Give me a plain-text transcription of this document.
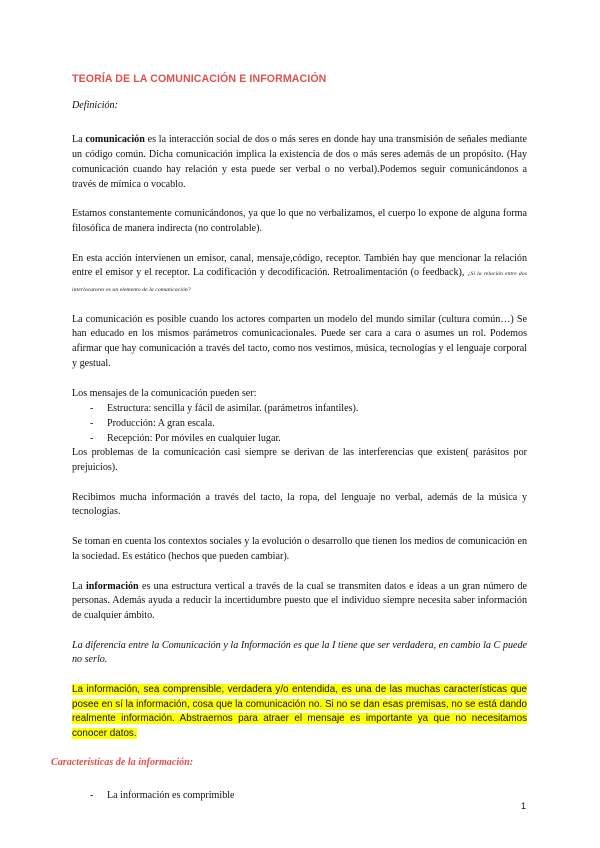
TEORÍA DE LA COMUNICACIÓN E INFORMACIÓN
Definición:

La comunicación es la interacción social de dos o más seres en donde hay una transmisión de señales mediante un código común. Dicha comunicación implica la existencia de dos o más seres además de un propósito. (Hay comunicación cuando hay relación y esta puede ser verbal o no verbal).Podemos seguir comunicándonos a través de mímica o vocablo.

Estamos constantemente comunicándonos, ya que lo que no verbalizamos, el cuerpo lo expone de alguna forma filosófica de manera indirecta (no controlable).

En esta acción intervienen un emisor, canal, mensaje,código, receptor. También hay que mencionar la relación entre el emisor y el receptor. La codificación y decodificación. Retroalimentación (o feedback), ¿Si la relación entre dos interlocutores es un elemento de la comunicación?

La comunicación es posible cuando los actores comparten un modelo del mundo similar (cultura común…) Se han educado en los mismos parámetros comunicacionales. Puede ser cara a cara o asumes un rol. Podemos afirmar que hay comunicación a través del tacto, como nos vestimos, música, tecnologías y el lenguaje corporal y gestual.

Los mensajes de la comunicación pueden ser:

- Estructura: sencilla y fácil de asimilar. (parámetros infantiles).
- Producción: A gran escala.
- Recepción: Por móviles en cualquier lugar.

Los problemas de la comunicación casi siempre se derivan de las interferencias que existen( parásitos por prejuicios).

Recibimos mucha información a través del tacto, la ropa, del lenguaje no verbal, además de la música y tecnologías.

Se toman en cuenta los contextos sociales y la evolución o desarrollo que tienen los medios de comunicación en la sociedad. Es estático (hechos que pueden cambiar).

La información es una estructura vertical a través de la cual se transmiten datos e ideas a un gran número de personas. Además ayuda a reducir la incertidumbre puesto que el individuo siempre necesita saber información de cualquier ámbito.

La diferencia entre la Comunicación y la Información es que la I tiene que ser verdadera, en cambio la C puede no serlo.

La información, sea comprensible, verdadera y/o entendida, es una de las muchas características que posee en sí la información, cosa que la comunicación no. Si no se dan esas premisas, no se está dando realmente información. Abstraernos para atraer el mensaje es importante ya que no necesitamos conocer datos.

Características de la información:
- La información es comprimible
1
